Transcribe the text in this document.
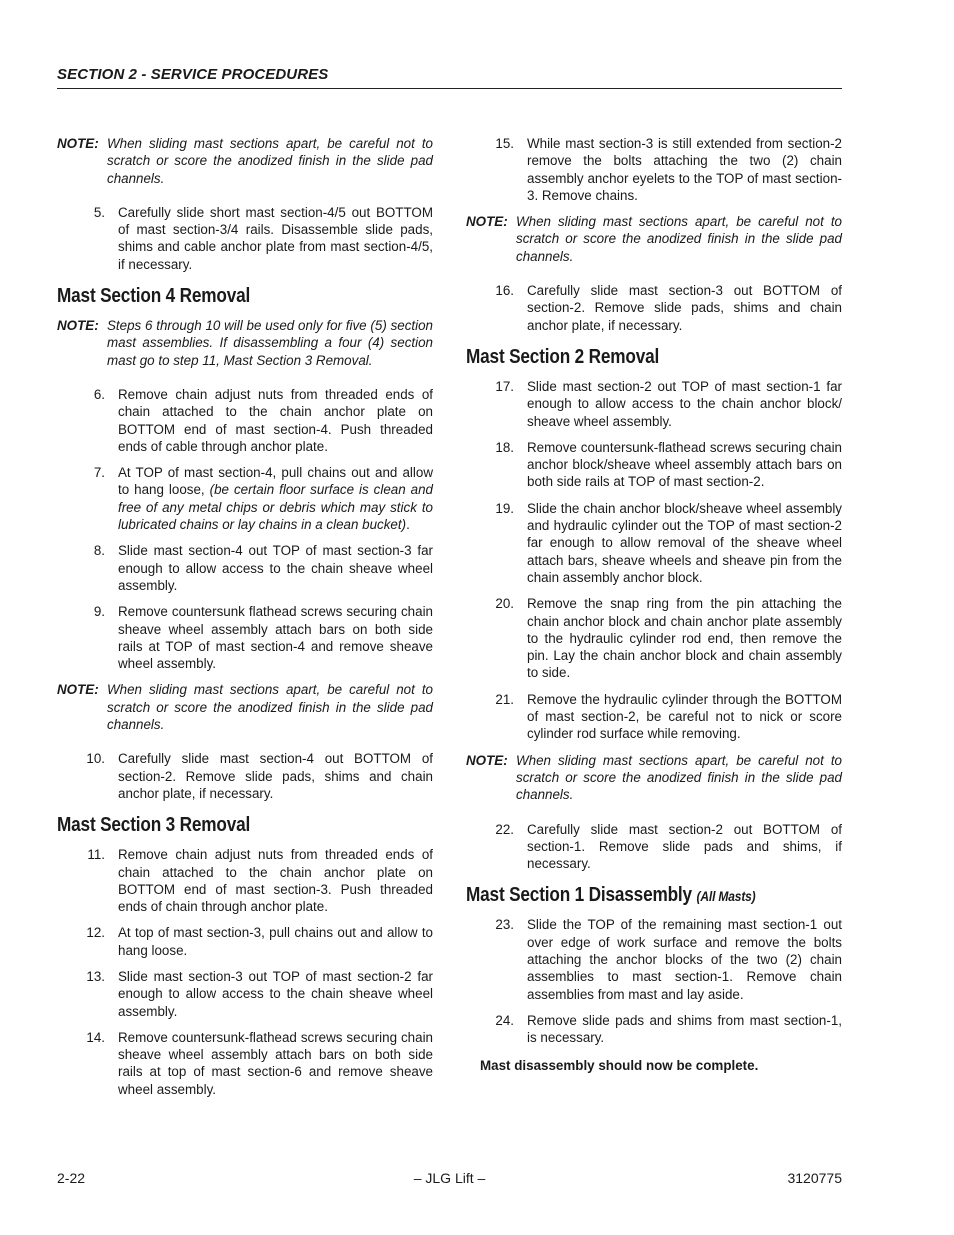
SECTION 2 - SERVICE PROCEDURES
NOTE: When sliding mast sections apart, be careful not to scratch or score the anodized finish in the slide pad channels.
5. Carefully slide short mast section-4/5 out BOTTOM of mast section-3/4 rails. Disassemble slide pads, shims and cable anchor plate from mast section-4/5, if necessary.
Mast Section 4 Removal
NOTE: Steps 6 through 10 will be used only for five (5) section mast assemblies. If disassembling a four (4) section mast go to step 11, Mast Section 3 Removal.
6. Remove chain adjust nuts from threaded ends of chain attached to the chain anchor plate on BOTTOM end of mast section-4. Push threaded ends of cable through anchor plate.
7. At TOP of mast section-4, pull chains out and allow to hang loose, (be certain floor surface is clean and free of any metal chips or debris which may stick to lubricated chains or lay chains in a clean bucket).
8. Slide mast section-4 out TOP of mast section-3 far enough to allow access to the chain sheave wheel assembly.
9. Remove countersunk flathead screws securing chain sheave wheel assembly attach bars on both side rails at TOP of mast section-4 and remove sheave wheel assembly.
NOTE: When sliding mast sections apart, be careful not to scratch or score the anodized finish in the slide pad channels.
10. Carefully slide mast section-4 out BOTTOM of section-2. Remove slide pads, shims and chain anchor plate, if necessary.
Mast Section 3 Removal
11. Remove chain adjust nuts from threaded ends of chain attached to the chain anchor plate on BOTTOM end of mast section-3. Push threaded ends of chain through anchor plate.
12. At top of mast section-3, pull chains out and allow to hang loose.
13. Slide mast section-3 out TOP of mast section-2 far enough to allow access to the chain sheave wheel assembly.
14. Remove countersunk-flathead screws securing chain sheave wheel assembly attach bars on both side rails at top of mast section-6 and remove sheave wheel assembly.
15. While mast section-3 is still extended from section-2 remove the bolts attaching the two (2) chain assembly anchor eyelets to the TOP of mast section-3. Remove chains.
NOTE: When sliding mast sections apart, be careful not to scratch or score the anodized finish in the slide pad channels.
16. Carefully slide mast section-3 out BOTTOM of section-2. Remove slide pads, shims and chain anchor plate, if necessary.
Mast Section 2 Removal
17. Slide mast section-2 out TOP of mast section-1 far enough to allow access to the chain anchor block/ sheave wheel assembly.
18. Remove countersunk-flathead screws securing chain anchor block/sheave wheel assembly attach bars on both side rails at TOP of mast section-2.
19. Slide the chain anchor block/sheave wheel assembly and hydraulic cylinder out the TOP of mast section-2 far enough to allow removal of the sheave wheel attach bars, sheave wheels and sheave pin from the chain assembly anchor block.
20. Remove the snap ring from the pin attaching the chain anchor block and chain anchor plate assembly to the hydraulic cylinder rod end, then remove the pin. Lay the chain anchor block and chain assembly to side.
21. Remove the hydraulic cylinder through the BOTTOM of mast section-2, be careful not to nick or score cylinder rod surface while removing.
NOTE: When sliding mast sections apart, be careful not to scratch or score the anodized finish in the slide pad channels.
22. Carefully slide mast section-2 out BOTTOM of section-1. Remove slide pads and shims, if necessary.
Mast Section 1 Disassembly (All Masts)
23. Slide the TOP of the remaining mast section-1 out over edge of work surface and remove the bolts attaching the anchor blocks of the two (2) chain assemblies to mast section-1. Remove chain assemblies from mast and lay aside.
24. Remove slide pads and shims from mast section-1, is necessary.
Mast disassembly should now be complete.
2-22	– JLG Lift –	3120775
